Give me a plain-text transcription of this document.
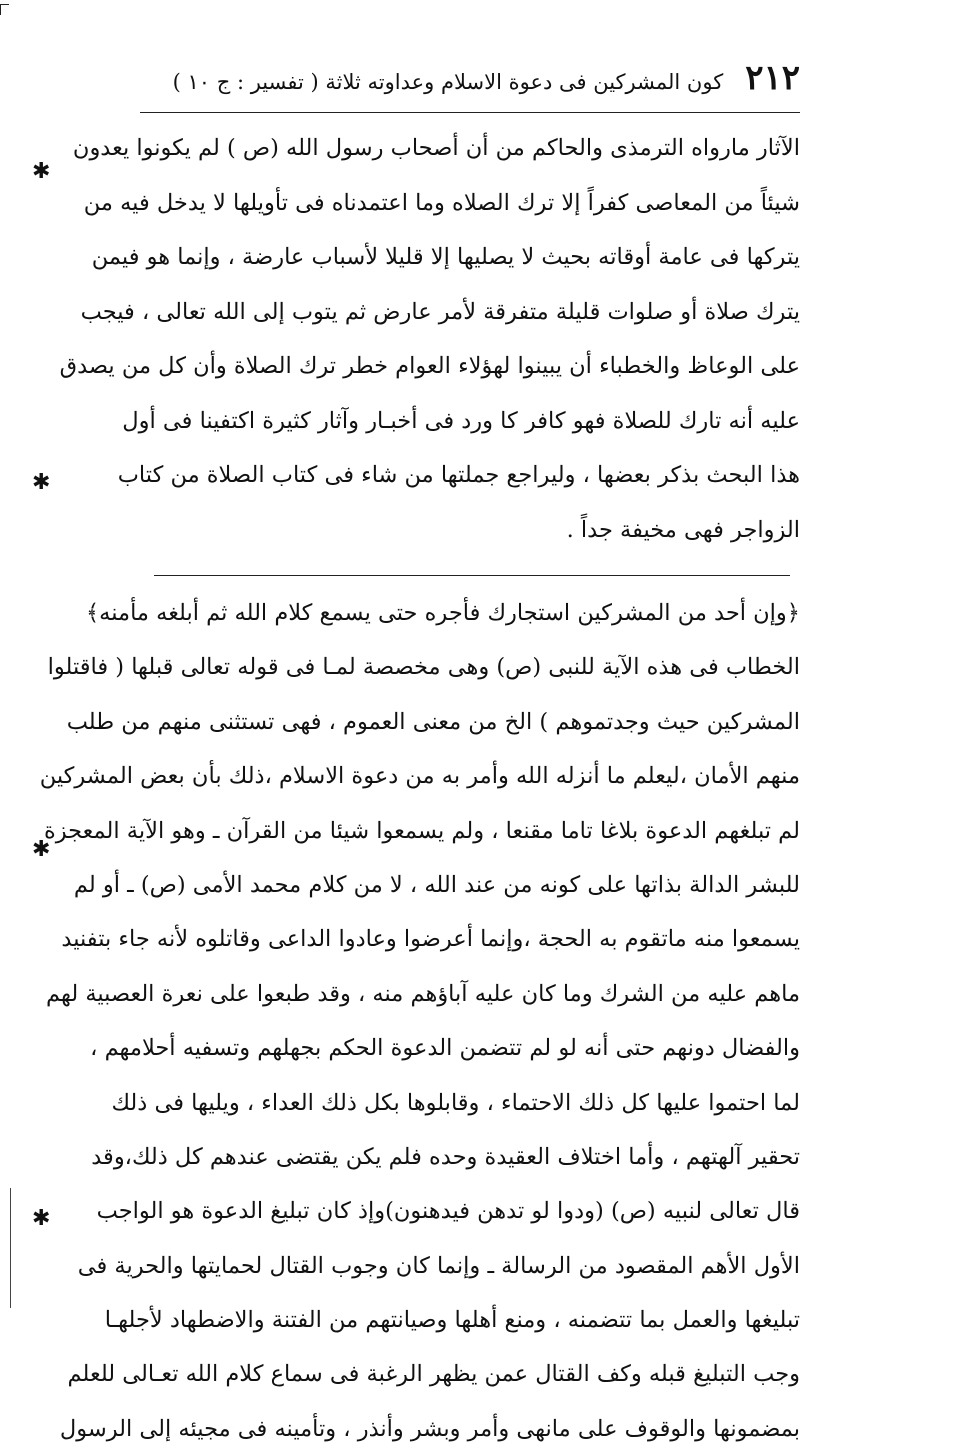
٢١٢
كون المشركين فى دعوة الاسلام وعداوته ثلاثة ( تفسير : ج ١٠ )
الآثار مارواه الترمذى والحاكم من أن أصحاب رسول الله (ص ) لم يكونوا يعدون
شيئاً من المعاصى كفراً إلا ترك الصلاه وما اعتمدناه فى تأويلها لا يدخل فيه من
يتركها فى عامة أوقاته بحيث لا يصليها إلا قليلا لأسباب عارضة ، وإنما هو فيمن
يترك صلاة أو صلوات قليلة متفرقة لأمر عارض ثم يتوب إلى الله تعالى ، فيجب
على الوعاظ والخطباء أن يبينوا لهؤلاء العوام خطر ترك الصلاة وأن كل من يصدق
عليه أنه تارك للصلاة فهو كافر كا ورد فى أخبـار وآثار كثيرة اكتفينا فى أول
هذا البحث بذكر بعضها ، وليراجع جملتها من شاء فى كتاب الصلاة من كتاب
الزواجر فهى مخيفة جداً .
﴿وإن أحد من المشركين استجارك فأجره حتى يسمع كلام الله ثم أبلغه مأمنه﴾
الخطاب فى هذه الآية للنبى (ص) وهى مخصصة لمـا فى قوله تعالى قبلها ( فاقتلوا
المشركين حيث وجدتموهم ) الخ من معنى العموم ، فهى تستثنى منهم من طلب
منهم الأمان ،ليعلم ما أنزله الله وأمر به من دعوة الاسلام ،ذلك بأن بعض المشركين
لم تبلغهم الدعوة بلاغا تاما مقنعا ، ولم يسمعوا شيئا من القرآن ـ وهو الآية المعجزة
للبشر الدالة بذاتها على كونه من عند الله ، لا من كلام محمد الأمى (ص) ـ أو لم
يسمعوا منه ماتقوم به الحجة ،وإنما أعرضوا وعادوا الداعى وقاتلوه لأنه جاء بتفنيد
ماهم عليه من الشرك وما كان عليه آباؤهم منه ، وقد طبعوا على نعرة العصبية لهم
والفضال دونهم حتى أنه لو لم تتضمن الدعوة الحكم بجهلهم وتسفيه أحلامهم ،
لما احتموا عليها كل ذلك الاحتماء ، وقابلوها بكل ذلك العداء ، ويليها فى ذلك
تحقير آلهتهم ، وأما اختلاف العقيدة وحده فلم يكن يقتضى عندهم كل ذلك،وقد
قال تعالى لنبيه (ص) (ودوا لو تدهن فيدهنون)وإذ كان تبليغ الدعوة هو الواجب
الأول الأهم المقصود من الرسالة ـ وإنما كان وجوب القتال لحمايتها والحرية فى
تبليغها والعمل بما تتضمنه ، ومنع أهلها وصيانتهم من الفتنة والاضطهاد لأجلهـا
وجب التبليغ قبله وكف القتال عمن يظهر الرغبة فى سماع كلام الله تعـالى للعلم
بمضمونها والوقوف على مانهى وأمر وبشر وأنذر ، وتأمينه فى مجيئه إلى الرسول
✱
✱
✱
✱
